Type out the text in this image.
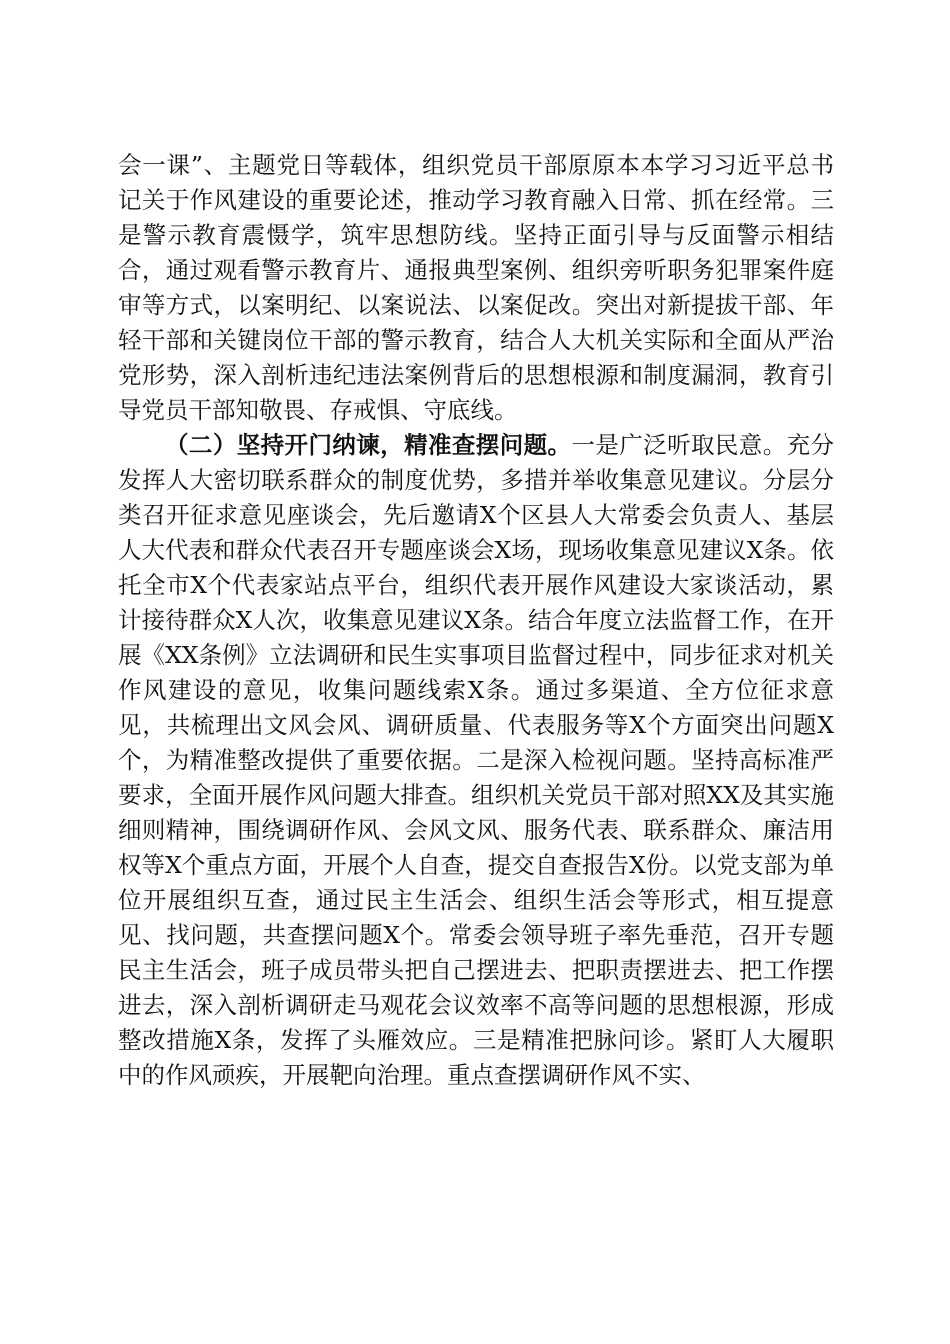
会一课”、主题党日等载体，组织党员干部原原本本学习习近平总书记关于作风建设的重要论述，推动学习教育融入日常、抓在经常。三是警示教育震慑学，筑牢思想防线。坚持正面引导与反面警示相结合，通过观看警示教育片、通报典型案例、组织旁听职务犯罪案件庭审等方式，以案明纪、以案说法、以案促改。突出对新提拔干部、年轻干部和关键岗位干部的警示教育，结合人大机关实际和全面从严治党形势，深入剖析违纪违法案例背后的思想根源和制度漏洞，教育引导党员干部知敬畏、存戒惧、守底线。

（二）坚持开门纳谏，精准查摆问题。一是广泛听取民意。充分发挥人大密切联系群众的制度优势，多措并举收集意见建议。分层分类召开征求意见座谈会，先后邀请X个区县人大常委会负责人、基层人大代表和群众代表召开专题座谈会X场，现场收集意见建议X条。依托全市X个代表家站点平台，组织代表开展作风建设大家谈活动，累计接待群众X人次，收集意见建议X条。结合年度立法监督工作，在开展《XX条例》立法调研和民生实事项目监督过程中，同步征求对机关作风建设的意见，收集问题线索X条。通过多渠道、全方位征求意见，共梳理出文风会风、调研质量、代表服务等X个方面突出问题X个，为精准整改提供了重要依据。二是深入检视问题。坚持高标准严要求，全面开展作风问题大排查。组织机关党员干部对照XX及其实施细则精神，围绕调研作风、会风文风、服务代表、联系群众、廉洁用权等X个重点方面，开展个人自查，提交自查报告X份。以党支部为单位开展组织互查，通过民主生活会、组织生活会等形式，相互提意见、找问题，共查摆问题X个。常委会领导班子率先垂范，召开专题民主生活会，班子成员带头把自己摆进去、把职责摆进去、把工作摆进去，深入剖析调研走马观花会议效率不高等问题的思想根源，形成整改措施X条，发挥了头雁效应。三是精准把脉问诊。紧盯人大履职中的作风顽疾，开展靶向治理。重点查摆调研作风不实、
